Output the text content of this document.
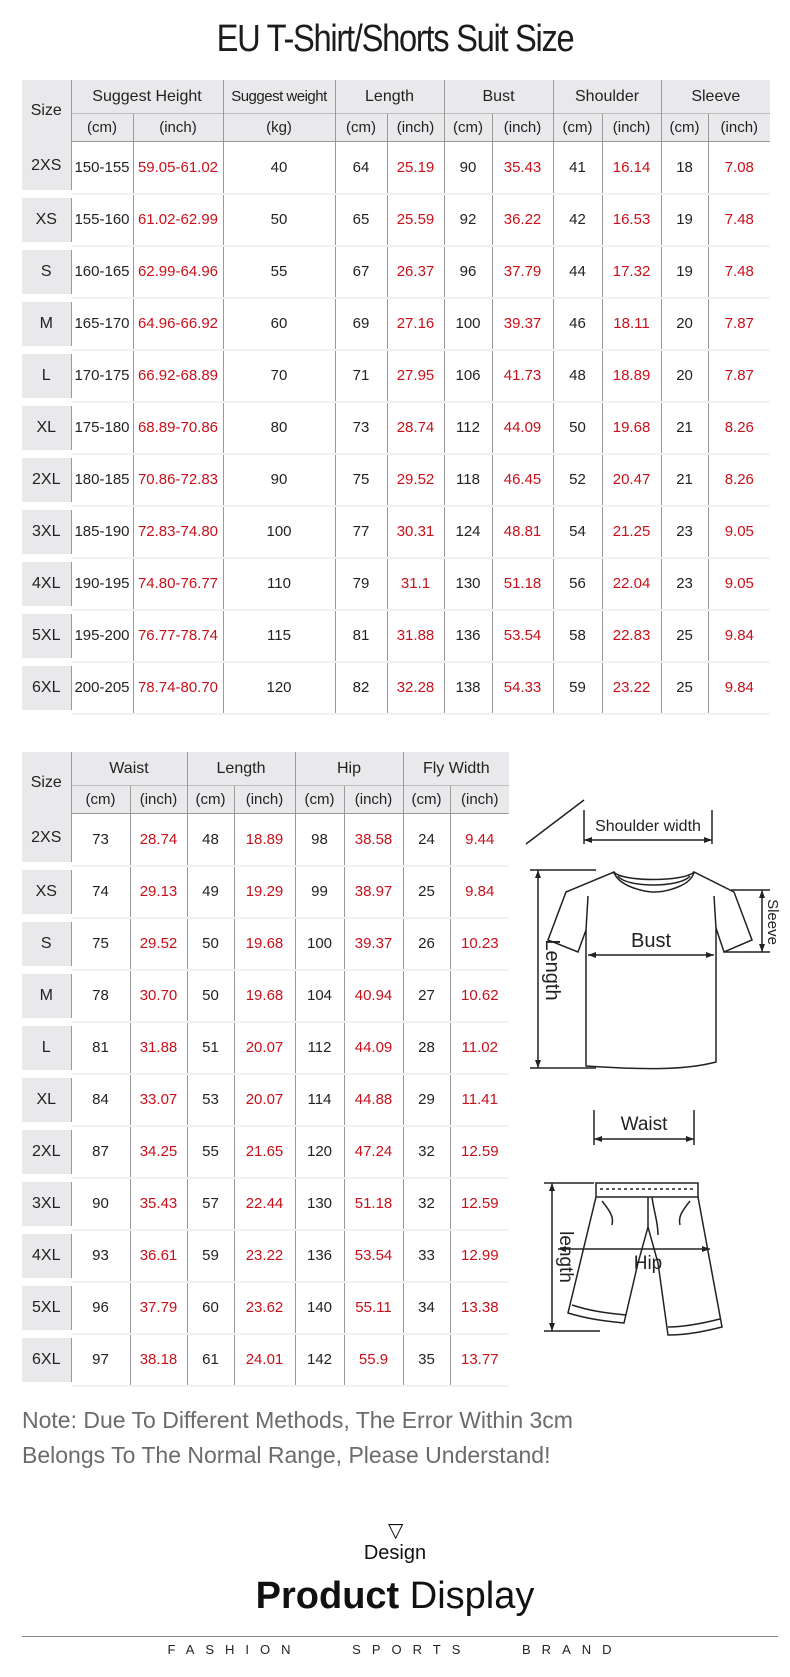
EU T-Shirt/Shorts Suit Size
Size	Suggest Height		Suggest weight	Length		Bust		Shoulder		Sleeve	
	(cm)	(inch)	(kg)	(cm)	(inch)	(cm)	(inch)	(cm)	(inch)	(cm)	(inch)
2XS	150-155	59.05-61.02	40	64	25.19	90	35.43	41	16.14	18	7.08
XS	155-160	61.02-62.99	50	65	25.59	92	36.22	42	16.53	19	7.48
S	160-165	62.99-64.96	55	67	26.37	96	37.79	44	17.32	19	7.48
M	165-170	64.96-66.92	60	69	27.16	100	39.37	46	18.11	20	7.87
L	170-175	66.92-68.89	70	71	27.95	106	41.73	48	18.89	20	7.87
XL	175-180	68.89-70.86	80	73	28.74	112	44.09	50	19.68	21	8.26
2XL	180-185	70.86-72.83	90	75	29.52	118	46.45	52	20.47	21	8.26
3XL	185-190	72.83-74.80	100	77	30.31	124	48.81	54	21.25	23	9.05
4XL	190-195	74.80-76.77	110	79	31.1	130	51.18	56	22.04	23	9.05
5XL	195-200	76.77-78.74	115	81	31.88	136	53.54	58	22.83	25	9.84
6XL	200-205	78.74-80.70	120	82	32.28	138	54.33	59	23.22	25	9.84
Size	Waist		Length		Hip		Fly Width	
	(cm)	(inch)	(cm)	(inch)	(cm)	(inch)	(cm)	(inch)
2XS	73	28.74	48	18.89	98	38.58	24	9.44
XS	74	29.13	49	19.29	99	38.97	25	9.84
S	75	29.52	50	19.68	100	39.37	26	10.23
M	78	30.70	50	19.68	104	40.94	27	10.62
L	81	31.88	51	20.07	112	44.09	28	11.02
XL	84	33.07	53	20.07	114	44.88	29	11.41
2XL	87	34.25	55	21.65	120	47.24	32	12.59
3XL	90	35.43	57	22.44	130	51.18	32	12.59
4XL	93	36.61	59	23.22	136	53.54	33	12.99
5XL	96	37.79	60	23.62	140	55.11	34	13.38
6XL	97	38.18	61	24.01	142	55.9	35	13.77
Shoulder width
Bust
Length
Sleeve
Waist
Hip
length
Note: Due To Different Methods, The Error Within 3cm
Belongs To The Normal Range, Please Understand!
▽
Design
Product Display
FASHION	SPORTS	BRAND
